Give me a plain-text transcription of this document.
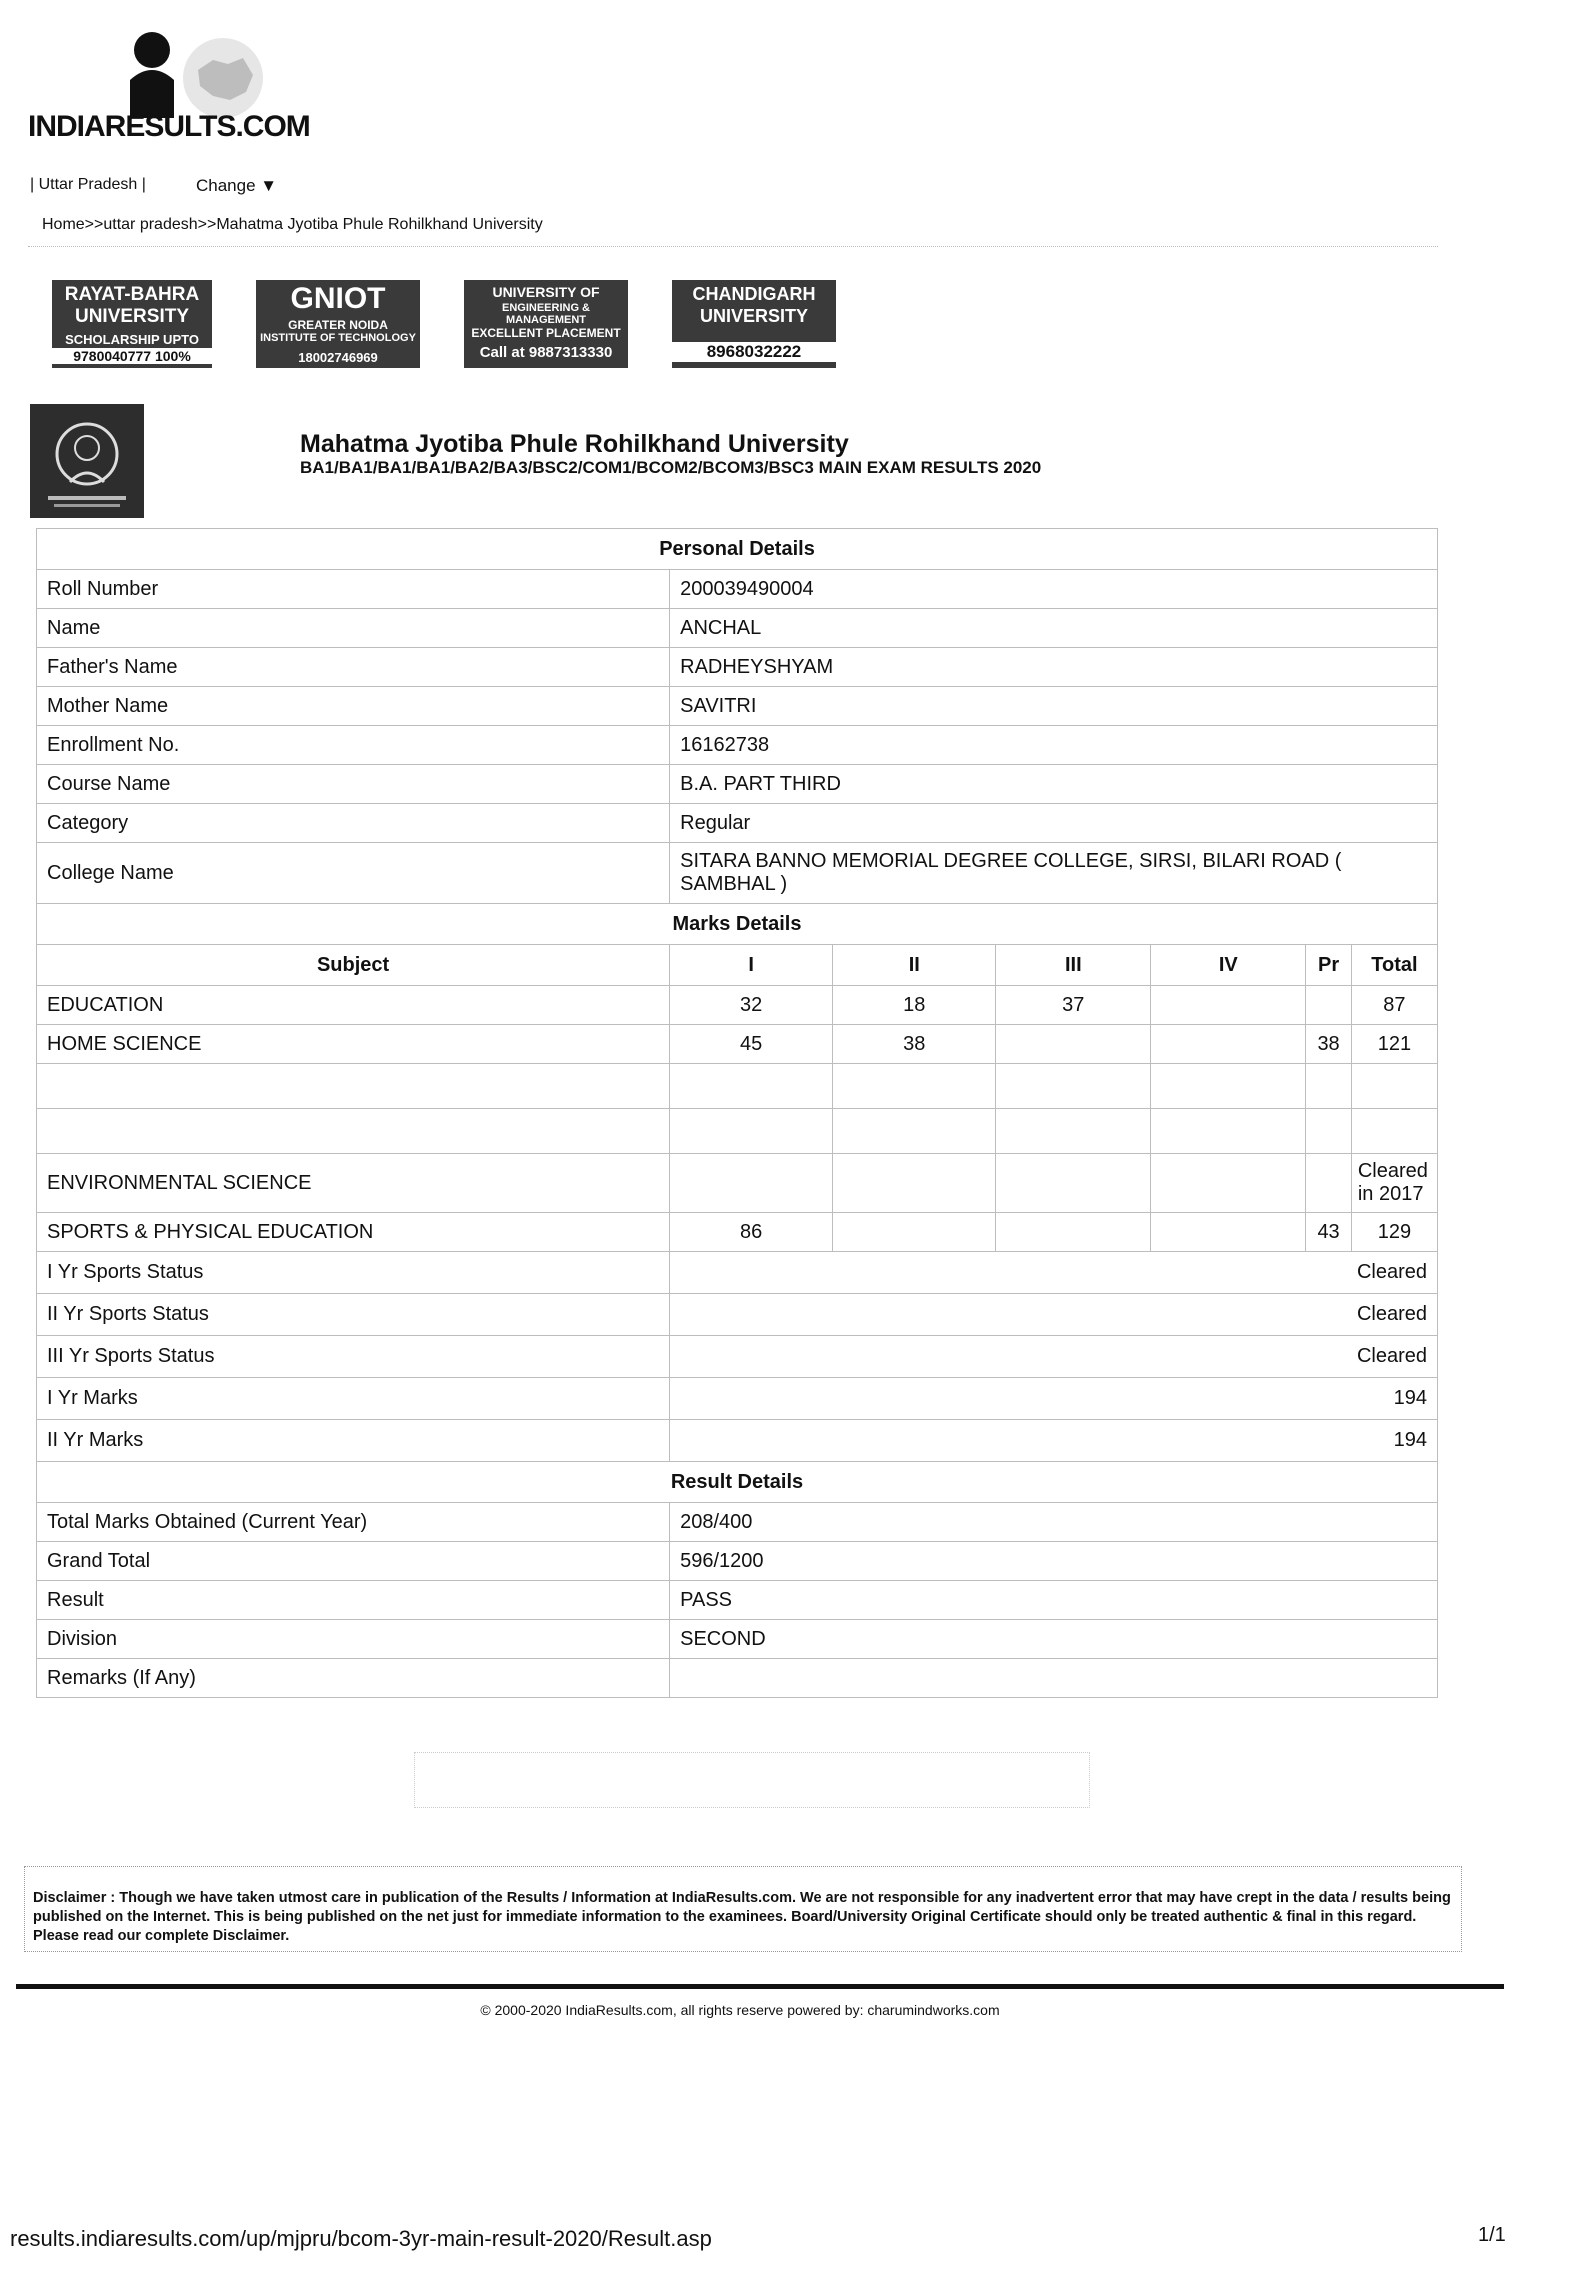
INDIARESULTS.COM
| Uttar Pradesh |	Change ▼
Home>>uttar pradesh>>Mahatma Jyotiba Phule Rohilkhand University
RAYAT-BAHRA
UNIVERSITY
SCHOLARSHIP UPTO
9780040777 100%
GNIOT
GREATER NOIDA
INSTITUTE OF TECHNOLOGY
18002746969
UNIVERSITY OF
ENGINEERING & MANAGEMENT
EXCELLENT PLACEMENT
Call at 9887313330
CHANDIGARH
UNIVERSITY
8968032222
Mahatma Jyotiba Phule Rohilkhand University
BA1/BA1/BA1/BA1/BA2/BA3/BSC2/COM1/BCOM2/BCOM3/BSC3 MAIN EXAM RESULTS 2020
Personal Details						
Roll Number	200039490004					
Name	ANCHAL					
Father's Name	RADHEYSHYAM					
Mother Name	SAVITRI					
Enrollment No.	16162738					
Course Name	B.A. PART THIRD					
Category	Regular					
College Name	SITARA BANNO MEMORIAL DEGREE COLLEGE, SIRSI, BILARI ROAD ( SAMBHAL )					
Marks Details						
Subject	I	II	III	IV	Pr	Total
EDUCATION	32	18	37			87
HOME SCIENCE	45	38			38	121

ENVIRONMENTAL SCIENCE						Cleared in 2017
SPORTS & PHYSICAL EDUCATION	86				43	129
I Yr Sports Status	Cleared					
II Yr Sports Status	Cleared					
III Yr Sports Status	Cleared					
I Yr Marks	194					
II Yr Marks	194					
Result Details						
Total Marks Obtained (Current Year)	208/400					
Grand Total	596/1200					
Result	PASS					
Division	SECOND					
Remarks (If Any)						
Disclaimer : Though we have taken utmost care in publication of the Results / Information at IndiaResults.com. We are not responsible for any inadvertent error that may have crept in the data / results being published on the Internet. This is being published on the net just for immediate information to the examinees. Board/University Original Certificate should only be treated authentic & final in this regard. Please read our complete Disclaimer.
© 2000-2020 IndiaResults.com, all rights reserve powered by: charumindworks.com
results.indiaresults.com/up/mjpru/bcom-3yr-main-result-2020/Result.asp	1/1
